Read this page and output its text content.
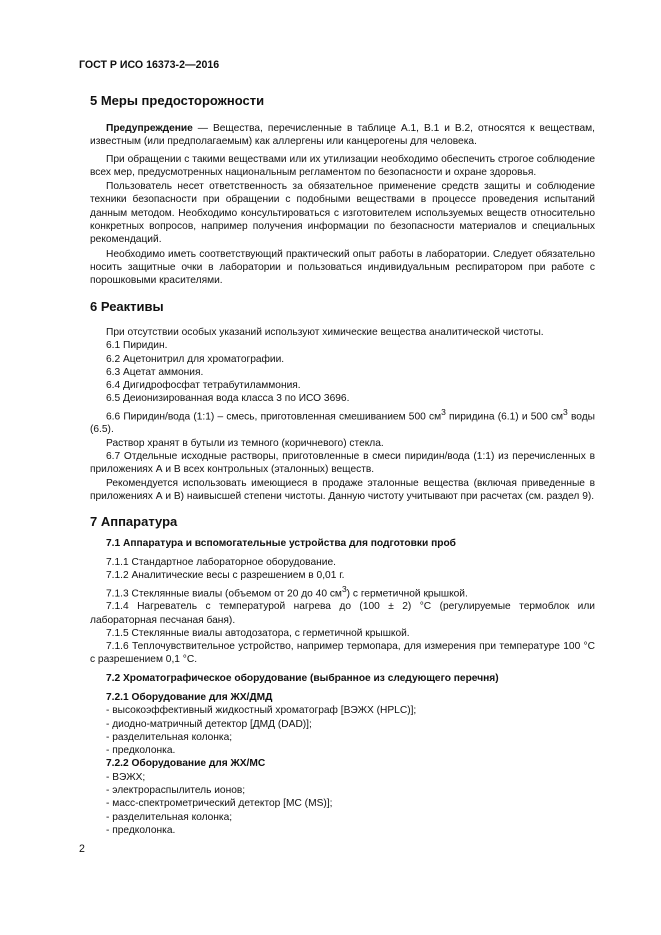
ГОСТ Р ИСО 16373-2—2016
5 Меры предосторожности

Предупреждение — Вещества, перечисленные в таблице А.1, В.1 и В.2, относятся к веществам, известным (или предполагаемым) как аллергены или канцерогены для человека.

При обращении с такими веществами или их утилизации необходимо обеспечить строгое соблюдение всех мер, предусмотренных национальным регламентом по безопасности и охране здоровья.

Пользователь несет ответственность за обязательное применение средств защиты и соблюдение техники безопасности при обращении с подобными веществами в процессе проведения испытаний данным методом. Необходимо консультироваться с изготовителем используемых веществ относительно конкретных вопросов, например получения информации по безопасности материалов и специальных рекомендаций.

Необходимо иметь соответствующий практический опыт работы в лаборатории. Следует обязательно носить защитные очки в лаборатории и пользоваться индивидуальным респиратором при работе с порошковыми красителями.

6 Реактивы

При отсутствии особых указаний используют химические вещества аналитической чистоты.

6.1 Пиридин.

6.2 Ацетонитрил для хроматографии.

6.3 Ацетат аммония.

6.4 Дигидрофосфат тетрабутиламмония.

6.5 Деионизированная вода класса 3 по ИСО 3696.

6.6 Пиридин/вода (1:1) – смесь, приготовленная смешиванием 500 $см^3$ пиридина (6.1) и 500 $см^3$ воды (6.5).

Раствор хранят в бутыли из темного (коричневого) стекла.

6.7 Отдельные исходные растворы, приготовленные в смеси пиридин/вода (1:1) из перечисленных в приложениях А и В всех контрольных (эталонных) веществ.

Рекомендуется использовать имеющиеся в продаже эталонные вещества (включая приведенные в приложениях А и В) наивысшей степени чистоты. Данную чистоту учитывают при расчетах (см. раздел 9).

7 Аппаратура
7.1 Аппаратура и вспомогательные устройства для подготовки проб

7.1.1 Стандартное лабораторное оборудование.

7.1.2 Аналитические весы с разрешением в 0,01 г.

7.1.3 Стеклянные виалы (объемом от 20 до 40 $см^3$) с герметичной крышкой.

7.1.4 Нагреватель с температурой нагрева до (100 ± 2) °С (регулируемые термоблок или лабораторная песчаная баня).

7.1.5 Стеклянные виалы автодозатора, с герметичной крышкой.

7.1.6 Теплочувствительное устройство, например термопара, для измерения при температуре 100 °С с разрешением 0,1 °С.

7.2 Хроматографическое оборудование (выбранное из следующего перечня)

7.2.1 Оборудование для ЖХ/ДМД

- высокоэффективный жидкостный хроматограф [ВЭЖХ (HPLC)];

- диодно-матричный детектор [ДМД (DAD)];

- разделительная колонка;

- предколонка.

7.2.2 Оборудование для ЖХ/МС

- ВЭЖХ;

- электрораспылитель ионов;

- масс-спектрометрический детектор [МС (MS)];

- разделительная колонка;

- предколонка.

2
